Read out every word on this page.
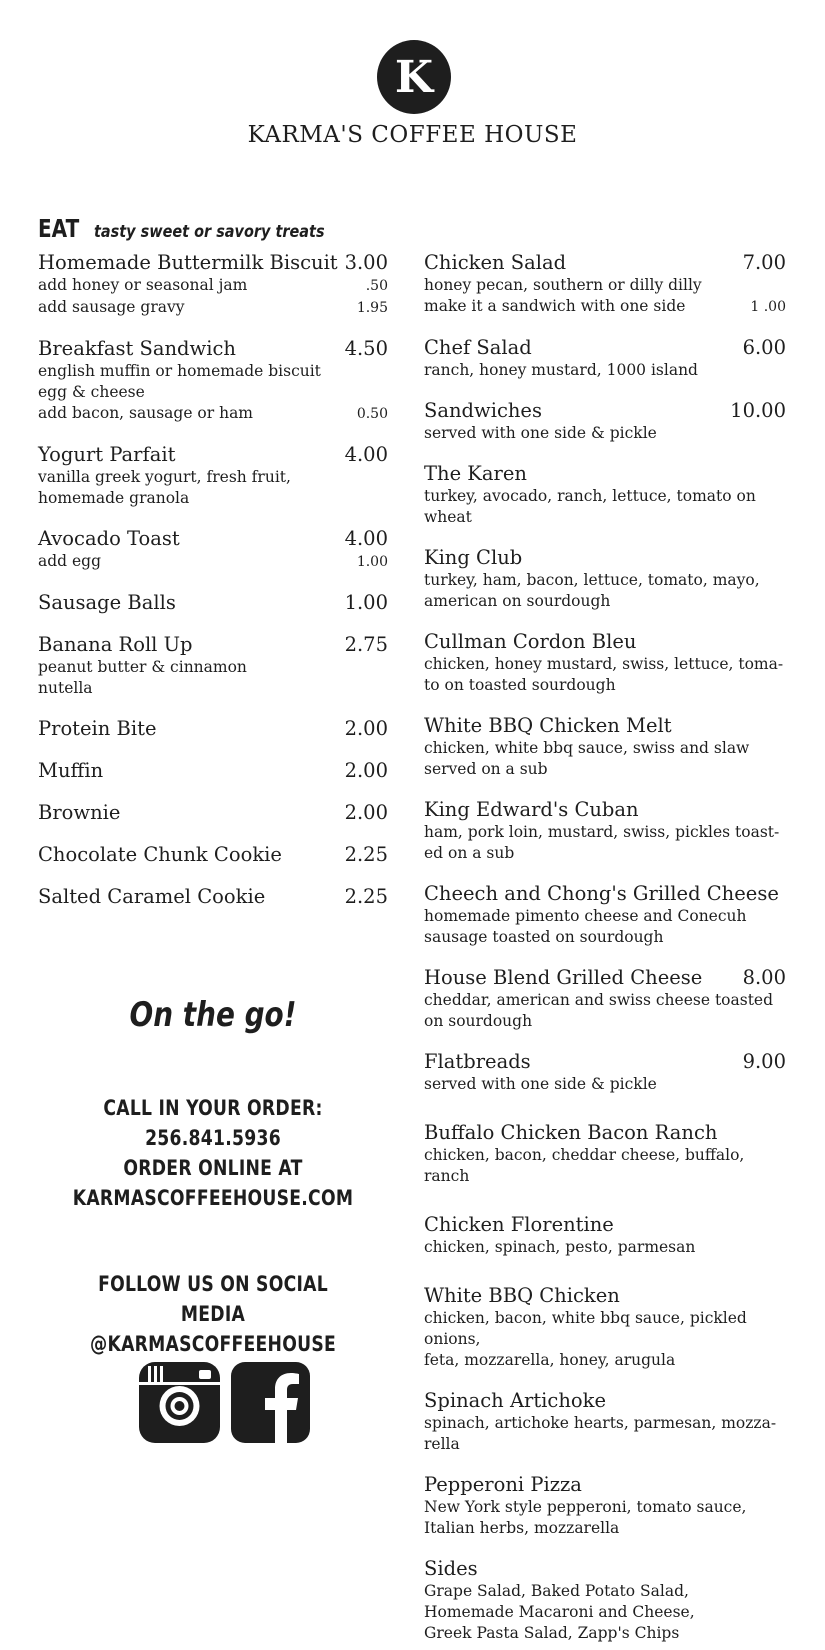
K
KARMA'S COFFEE HOUSE
EAT tasty sweet or savory treats
Homemade Buttermilk Biscuit 3.00
add honey or seasonal jam	.50
add sausage gravy	1.95
Breakfast Sandwich	4.50
english muffin or homemade biscuit
egg & cheese
add bacon, sausage or ham	0.50
Yogurt Parfait	4.00
vanilla greek yogurt, fresh fruit,
homemade granola
Avocado Toast	4.00
add egg	1.00
Sausage Balls	1.00
Banana Roll Up	2.75
peanut butter & cinnamon
nutella
Protein Bite	2.00
Muffin	2.00
Brownie	2.00
Chocolate Chunk Cookie	2.25
Salted Caramel Cookie	2.25
Chicken Salad	7.00
honey pecan, southern or dilly dilly
make it a sandwich with one side	1 .00
Chef Salad	6.00
ranch, honey mustard, 1000 island
Sandwiches	10.00
served with one side & pickle
The Karen
turkey, avocado, ranch, lettuce, tomato on
wheat
King Club
turkey, ham, bacon, lettuce, tomato, mayo,
american on sourdough
Cullman Cordon Bleu
chicken, honey mustard, swiss, lettuce, toma-
to on toasted sourdough
White BBQ Chicken Melt
chicken, white bbq sauce, swiss and slaw
served on a sub
King Edward's Cuban
ham, pork loin, mustard, swiss, pickles toast-
ed on a sub
Cheech and Chong's Grilled Cheese
homemade pimento cheese and Conecuh
sausage toasted on sourdough
House Blend Grilled Cheese 8.00
cheddar, american and swiss cheese toasted
on sourdough
Flatbreads	9.00
served with one side & pickle
Buffalo Chicken Bacon Ranch
chicken, bacon, cheddar cheese, buffalo, ranch
Chicken Florentine
chicken, spinach, pesto, parmesan
White BBQ Chicken
chicken, bacon, white bbq sauce, pickled onions,
feta, mozzarella, honey, arugula
Spinach Artichoke
spinach, artichoke hearts, parmesan, mozza-
rella
Pepperoni Pizza
New York style pepperoni, tomato sauce,
Italian herbs, mozzarella
Sides
Grape Salad, Baked Potato Salad,
Homemade Macaroni and Cheese,
Greek Pasta Salad, Zapp's Chips
On the go!
CALL IN YOUR ORDER:
256.841.5936
ORDER ONLINE AT
KARMASCOFFEEHOUSE.COM
FOLLOW US ON SOCIAL MEDIA
@KARMASCOFFEEHOUSE
